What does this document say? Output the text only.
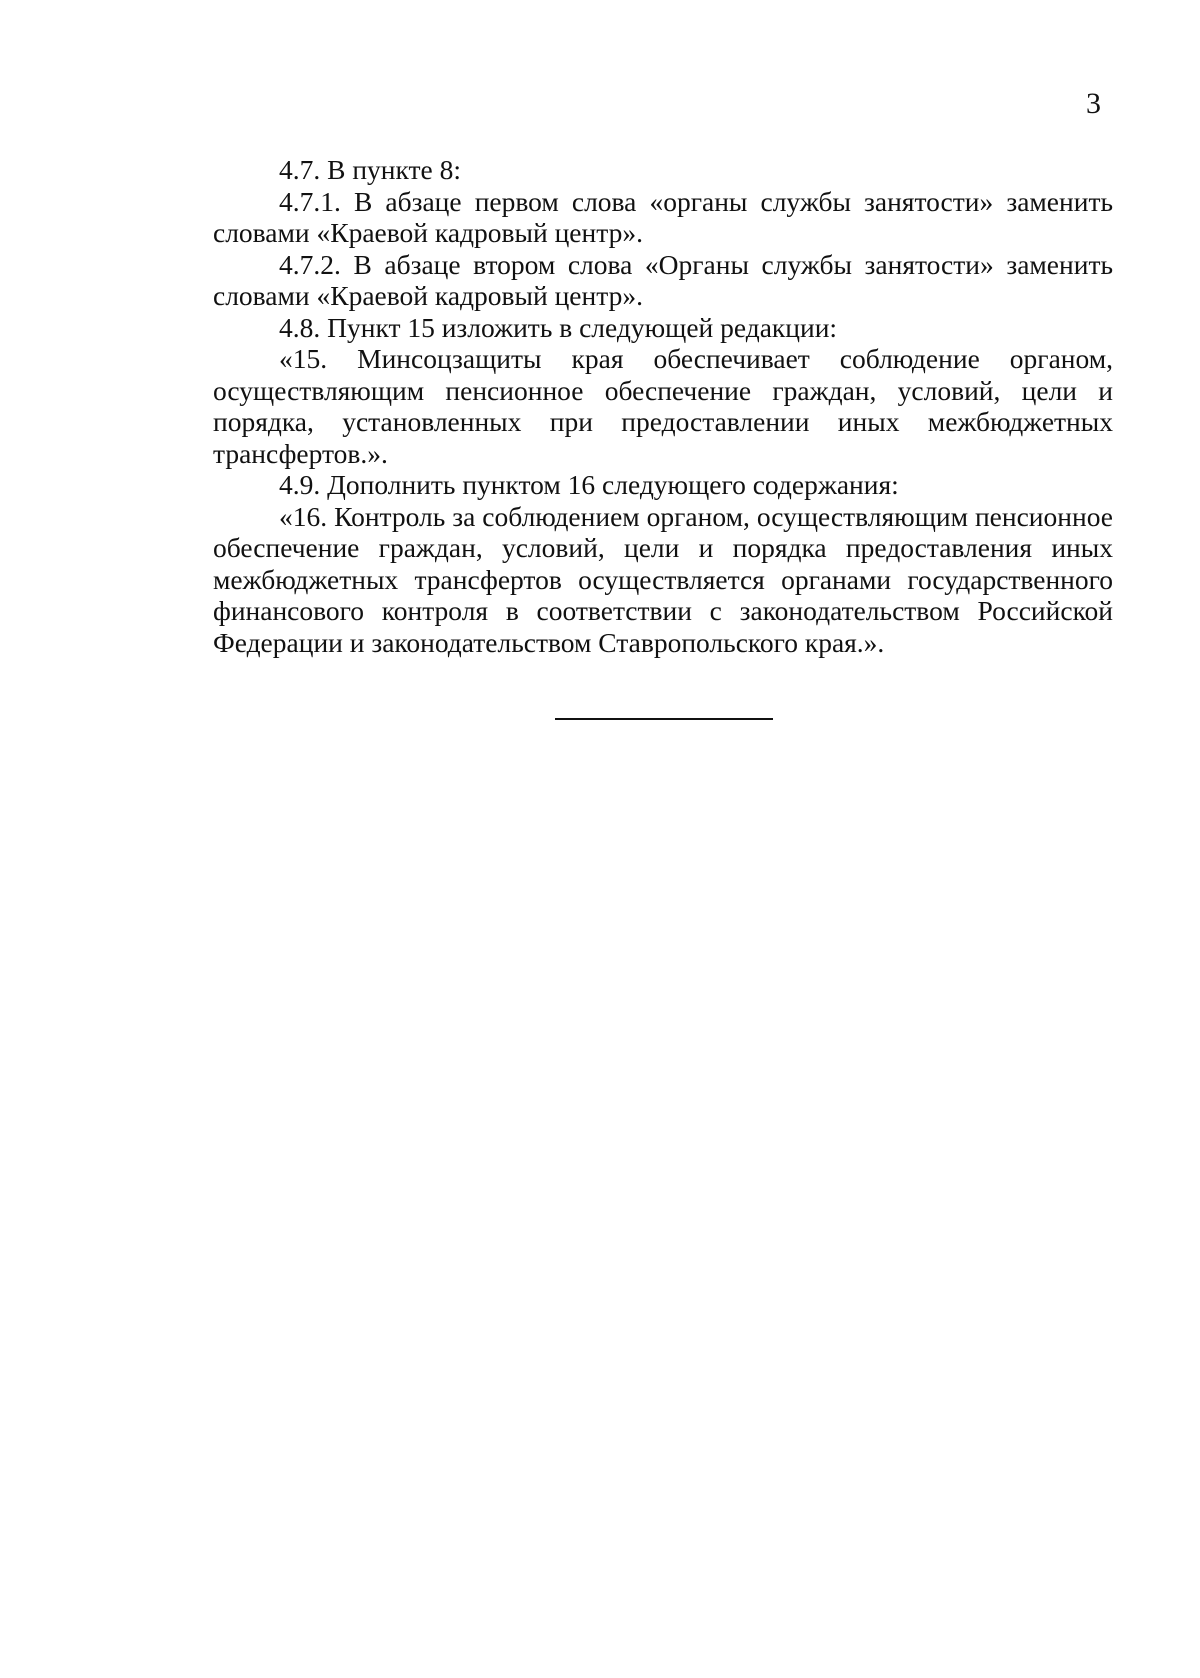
3

4.7. В пункте 8:

4.7.1. В абзаце первом слова «органы службы занятости» заменить словами «Краевой кадровый центр».

4.7.2. В абзаце втором слова «Органы службы занятости» заменить словами «Краевой кадровый центр».

4.8. Пункт 15 изложить в следующей редакции:

«15. Минсоцзащиты края обеспечивает соблюдение органом, осуществляющим пенсионное обеспечение граждан, условий, цели и порядка, установленных при предоставлении иных межбюджетных трансфертов.».

4.9. Дополнить пунктом 16 следующего содержания:

«16. Контроль за соблюдением органом, осуществляющим пенсионное обеспечение граждан, условий, цели и порядка предоставления иных межбюджетных трансфертов осуществляется органами государственного финансового контроля в соответствии с законодательством Российской Федерации и законодательством Ставропольского края.».
